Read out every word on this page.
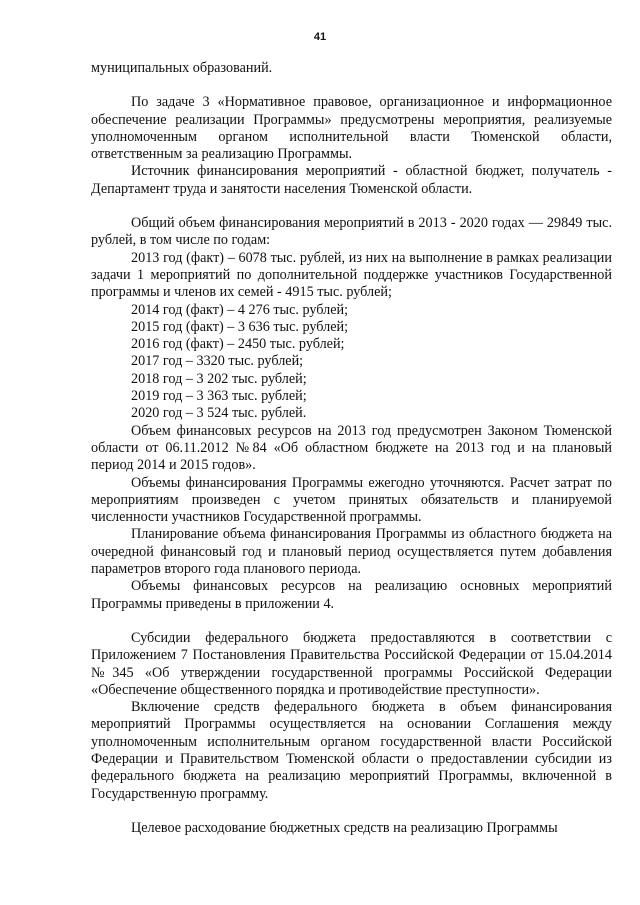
41

муниципальных образований.

По задаче 3 «Нормативное правовое, организационное и информационное обеспечение реализации Программы» предусмотрены мероприятия, реализуемые уполномоченным органом исполнительной власти Тюменской области, ответственным за реализацию Программы.

Источник финансирования мероприятий - областной бюджет, получатель - Департамент труда и занятости населения Тюменской области.

Общий объем финансирования мероприятий в 2013 - 2020 годах — 29849 тыс. рублей, в том числе по годам:

2013 год (факт) – 6078 тыс. рублей, из них на выполнение в рамках реализации задачи 1 мероприятий по дополнительной поддержке участников Государственной программы и членов их семей - 4915 тыс. рублей;

2014 год (факт) – 4 276 тыс. рублей;

2015 год (факт) – 3 636 тыс. рублей;

2016 год (факт) – 2450 тыс. рублей;

2017 год – 3320 тыс. рублей;

2018 год – 3 202 тыс. рублей;

2019 год – 3 363 тыс. рублей;

2020 год – 3 524 тыс. рублей.

Объем финансовых ресурсов на 2013 год предусмотрен Законом Тюменской области от 06.11.2012 №84 «Об областном бюджете на 2013 год и на плановый период 2014 и 2015 годов».

Объемы финансирования Программы ежегодно уточняются. Расчет затрат по мероприятиям произведен с учетом принятых обязательств и планируемой численности участников Государственной программы.

Планирование объема финансирования Программы из областного бюджета на очередной финансовый год и плановый период осуществляется путем добавления параметров второго года планового периода.

Объемы финансовых ресурсов на реализацию основных мероприятий Программы приведены в приложении 4.

Субсидии федерального бюджета предоставляются в соответствии с Приложением 7 Постановления Правительства Российской Федерации от 15.04.2014 №345 «Об утверждении государственной программы Российской Федерации «Обеспечение общественного порядка и противодействие преступности».

Включение средств федерального бюджета в объем финансирования мероприятий Программы осуществляется на основании Соглашения между уполномоченным исполнительным органом государственной власти Российской Федерации и Правительством Тюменской области о предоставлении субсидии из федерального бюджета на реализацию мероприятий Программы, включенной в Государственную программу.

Целевое расходование бюджетных средств на реализацию Программы
